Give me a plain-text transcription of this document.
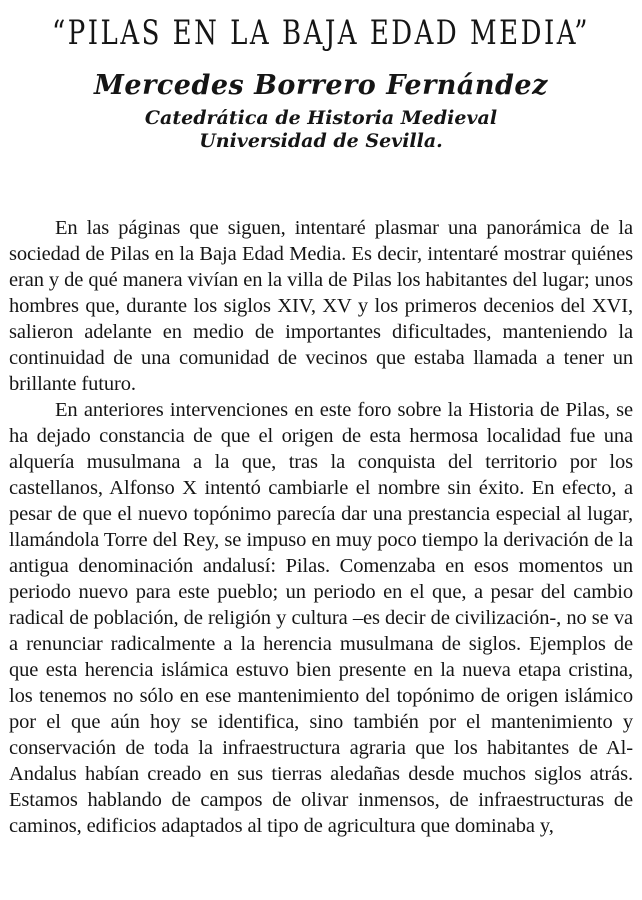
“PILAS EN LA BAJA EDAD MEDIA”
Mercedes Borrero Fernández
Catedrática de Historia Medieval
Universidad de Sevilla.

En las páginas que siguen, intentaré plasmar una panorámica de la sociedad de Pilas en la Baja Edad Media. Es decir, intentaré mostrar quiénes eran y de qué manera vivían en la villa de Pilas los habitantes del lugar; unos hombres que, durante los siglos XIV, XV y los primeros decenios del XVI, salieron adelante en medio de importantes dificultades, manteniendo la continuidad de una comunidad de vecinos que estaba llamada a tener un brillante futuro.

En anteriores intervenciones en este foro sobre la Historia de Pilas, se ha dejado constancia de que el origen de esta hermosa localidad fue una alquería musulmana a la que, tras la conquista del territorio por los castellanos, Alfonso X intentó cambiarle el nombre sin éxito. En efecto, a pesar de que el nuevo topónimo parecía dar una prestancia especial al lugar, llamándola Torre del Rey, se impuso en muy poco tiempo la derivación de la antigua denominación andalusí: Pilas. Comenzaba en esos momentos un periodo nuevo para este pueblo; un periodo en el que, a pesar del cambio radical de población, de religión y cultura –es decir de civilización-, no se va a renunciar radicalmente a la herencia musulmana de siglos. Ejemplos de que esta herencia islámica estuvo bien presente en la nueva etapa cristina, los tenemos no sólo en ese mantenimiento del topónimo de origen islámico por el que aún hoy se identifica, sino también por el mantenimiento y conservación de toda la infraestructura agraria que los habitantes de Al-Andalus habían creado en sus tierras aledañas desde muchos siglos atrás. Estamos hablando de campos de olivar inmensos, de infraestructuras de caminos, edificios adaptados al tipo de agricultura que dominaba y,
